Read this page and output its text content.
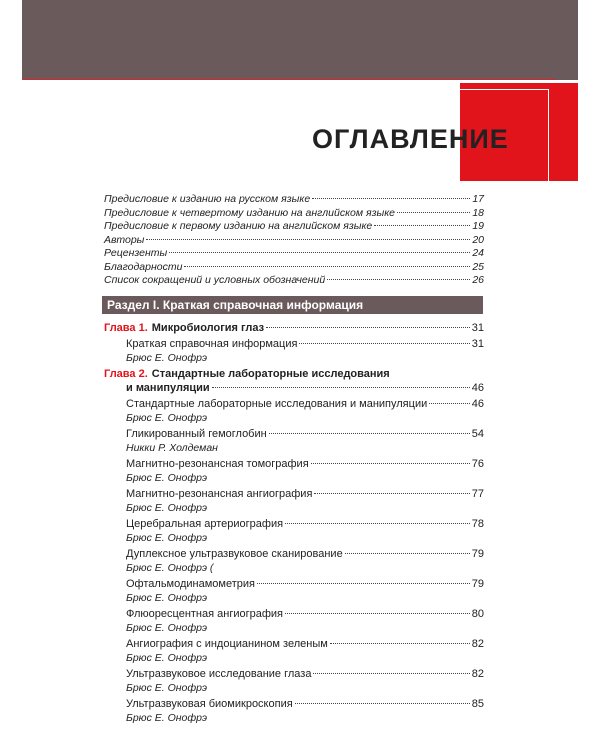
ОГЛАВЛЕНИЕ
Предисловие к изданию на русском языке	17
Предисловие к четвертому изданию на английском языке	18
Предисловие к первому изданию на английском языке	19
Авторы	20
Рецензенты	24
Благодарности	25
Список сокращений и условных обозначений	26
Раздел I. Краткая справочная информация
Глава 1. Микробиология глаз	31
Краткая справочная информация	31
Брюс Е. Онофрэ
Глава 2. Стандартные лабораторные исследования
и манипуляции	46
Стандартные лабораторные исследования и манипуляции	46
Брюс Е. Онофрэ
Гликированный гемоглобин	54
Никки Р. Холдеман
Магнитно-резонансная томография	76
Брюс Е. Онофрэ
Магнитно-резонансная ангиография	77
Брюс Е. Онофрэ
Церебральная артериография	78
Брюс Е. Онофрэ
Дуплексное ультразвуковое сканирование	79
Брюс Е. Онофрэ (
Офтальмодинамометрия	79
Брюс Е. Онофрэ
Флюоресцентная ангиография	80
Брюс Е. Онофрэ
Ангиография с индоцианином зеленым	82
Брюс Е. Онофрэ
Ультразвуковое исследование глаза	82
Брюс Е. Онофрэ
Ультразвуковая биомикроскопия	85
Брюс Е. Онофрэ
